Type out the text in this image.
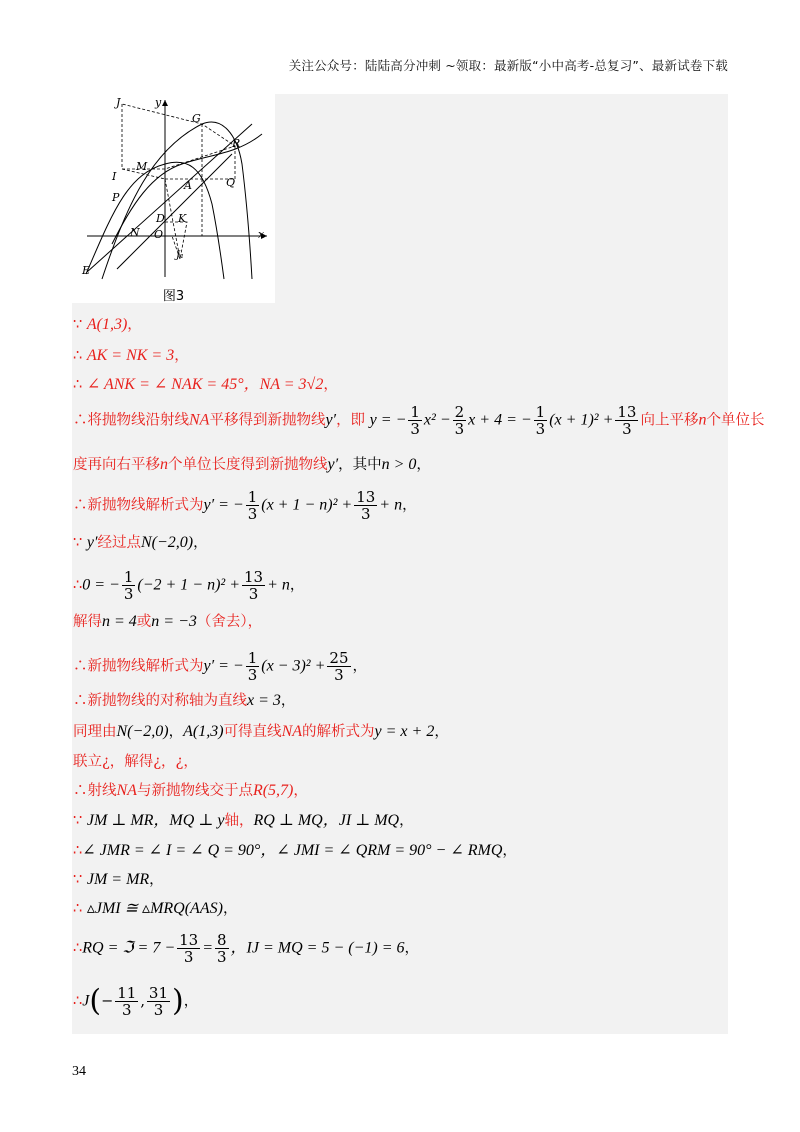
关注公众号：陆陆高分冲刺 ~领取：最新版“小中高考-总复习”、最新试卷下载
J	y
G
R
M
I
A	Q
P
D K
N O	x
E
J₁
图3
∵ A(1,3)，
∴ AK = NK = 3，
∴ ∠ ANK = ∠ NAK = 45°，NA = 3√2，
∴将抛物线沿射线NA平移得到新抛物线y′，即 y = − $\frac{1}{3} x^2 - \frac{2}{3}$ x + 4 = − $\frac{1}{3} (x + 1)^2 + \frac{13}{3}$ 向上平移n个单位长
度再向右平移n个单位长度得到新抛物线y′，其中n > 0，
∴新抛物线解析式为y′ = − $\frac{1}{3} (x + 1 - n)^2 + \frac{13}{3} + n$，
∵ y′经过点N(−2,0)，
∴0 = − $\frac{1}{3} (-2 + 1 - n)^2 + \frac{13}{3} + n$，
解得n = 4或n = −3（舍去），
∴新抛物线解析式为y′ = − $\frac{1}{3} (x - 3)^2 + \frac{25}{3}$ ，
∴新抛物线的对称轴为直线x = 3，
同理由N(−2,0)，A(1,3)可得直线NA的解析式为y = x + 2，
联立¿，解得¿，¿，
∴射线NA与新抛物线交于点R(5,7)，
∵ JM ⊥ MR，MQ ⊥ y轴，RQ ⊥ MQ，JI ⊥ MQ，
∴∠ JMR = ∠ I = ∠ Q = 90°，∠ JMI = ∠ QRM = 90° − ∠ RMQ，
∵ JM = MR，
∴ ▵JMI ≅ ▵MRQ(AAS)，
∴RQ = ℑ = $7 - \frac{13}{3} = \frac{8}{3}$ ，IJ = MQ = 5 − (−1) = 6，
∴J(− $\frac{11}{3}$ , $\frac{31}{3}$ )，
34
